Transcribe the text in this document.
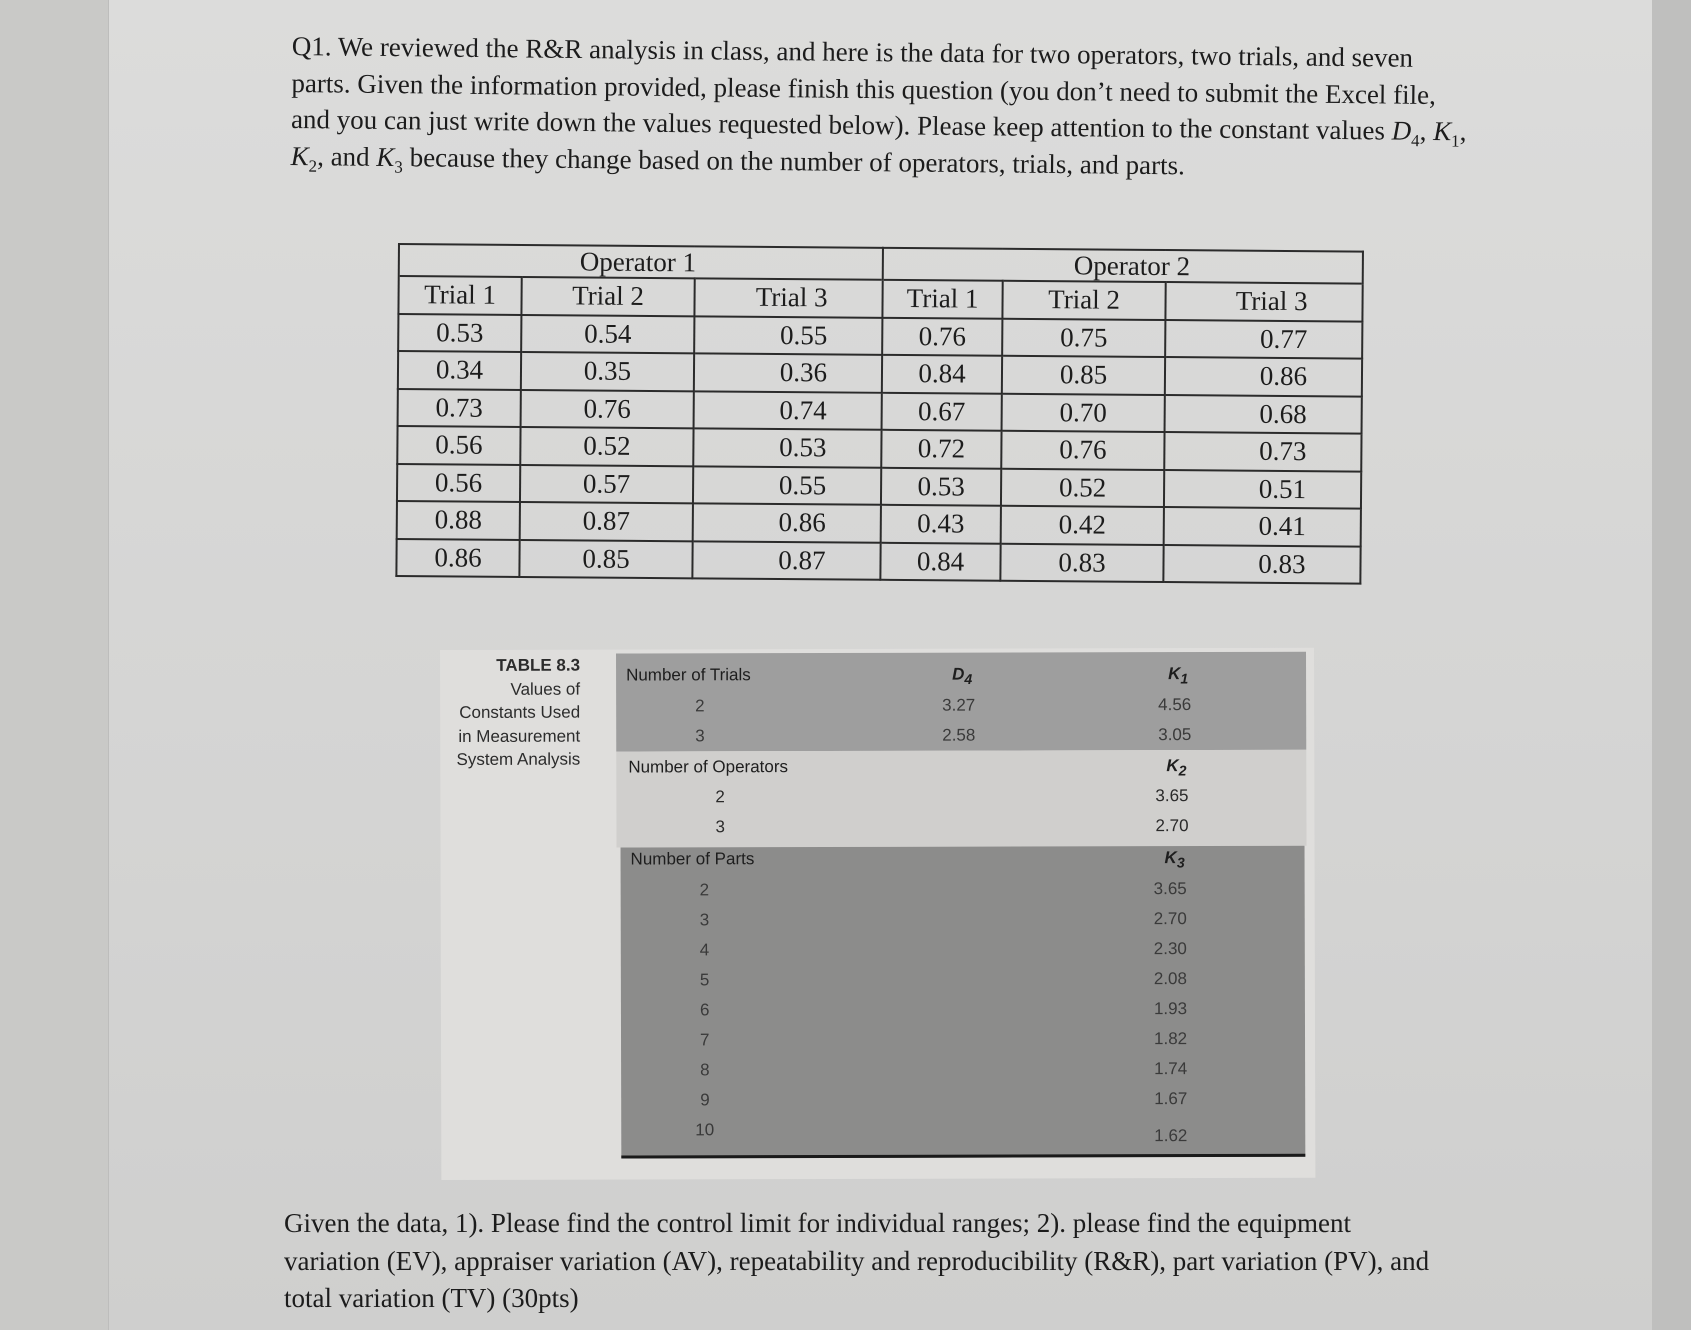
Q1. We reviewed the R&R analysis in class, and here is the data for two operators, two trials, and seven parts. Given the information provided, please finish this question (you don’t need to submit the Excel file, and you can just write down the values requested below). Please keep attention to the constant values $D_4$, $K_1$, $K_2$, and $K_3$ because they change based on the number of operators, trials, and parts.

Operator 1			Operator 2		
Trial 1	Trial 2	Trial 3	Trial 1	Trial 2	Trial 3
0.53	0.54	0.55	0.76	0.75	0.77
0.34	0.35	0.36	0.84	0.85	0.86
0.73	0.76	0.74	0.67	0.70	0.68
0.56	0.52	0.53	0.72	0.76	0.73
0.56	0.57	0.55	0.53	0.52	0.51
0.88	0.87	0.86	0.43	0.42	0.41
0.86	0.85	0.87	0.84	0.83	0.83
TABLE 8.3
Values of
Constants Used
in Measurement
System Analysis
Number of Trials	$D_4$	$K_1$
2	3.27	4.56
3	2.58	3.05
Number of Operators	$K_2$
2	3.65
3	2.70
Number of Parts	$K_3$
2	3.65
3	2.70
4	2.30
5	2.08
6	1.93
7	1.82
8	1.74
9	1.67
10	1.62

Given the data, 1). Please find the control limit for individual ranges; 2). please find the equipment variation (EV), appraiser variation (AV), repeatability and reproducibility (R&R), part variation (PV), and total variation (TV) (30pts)
